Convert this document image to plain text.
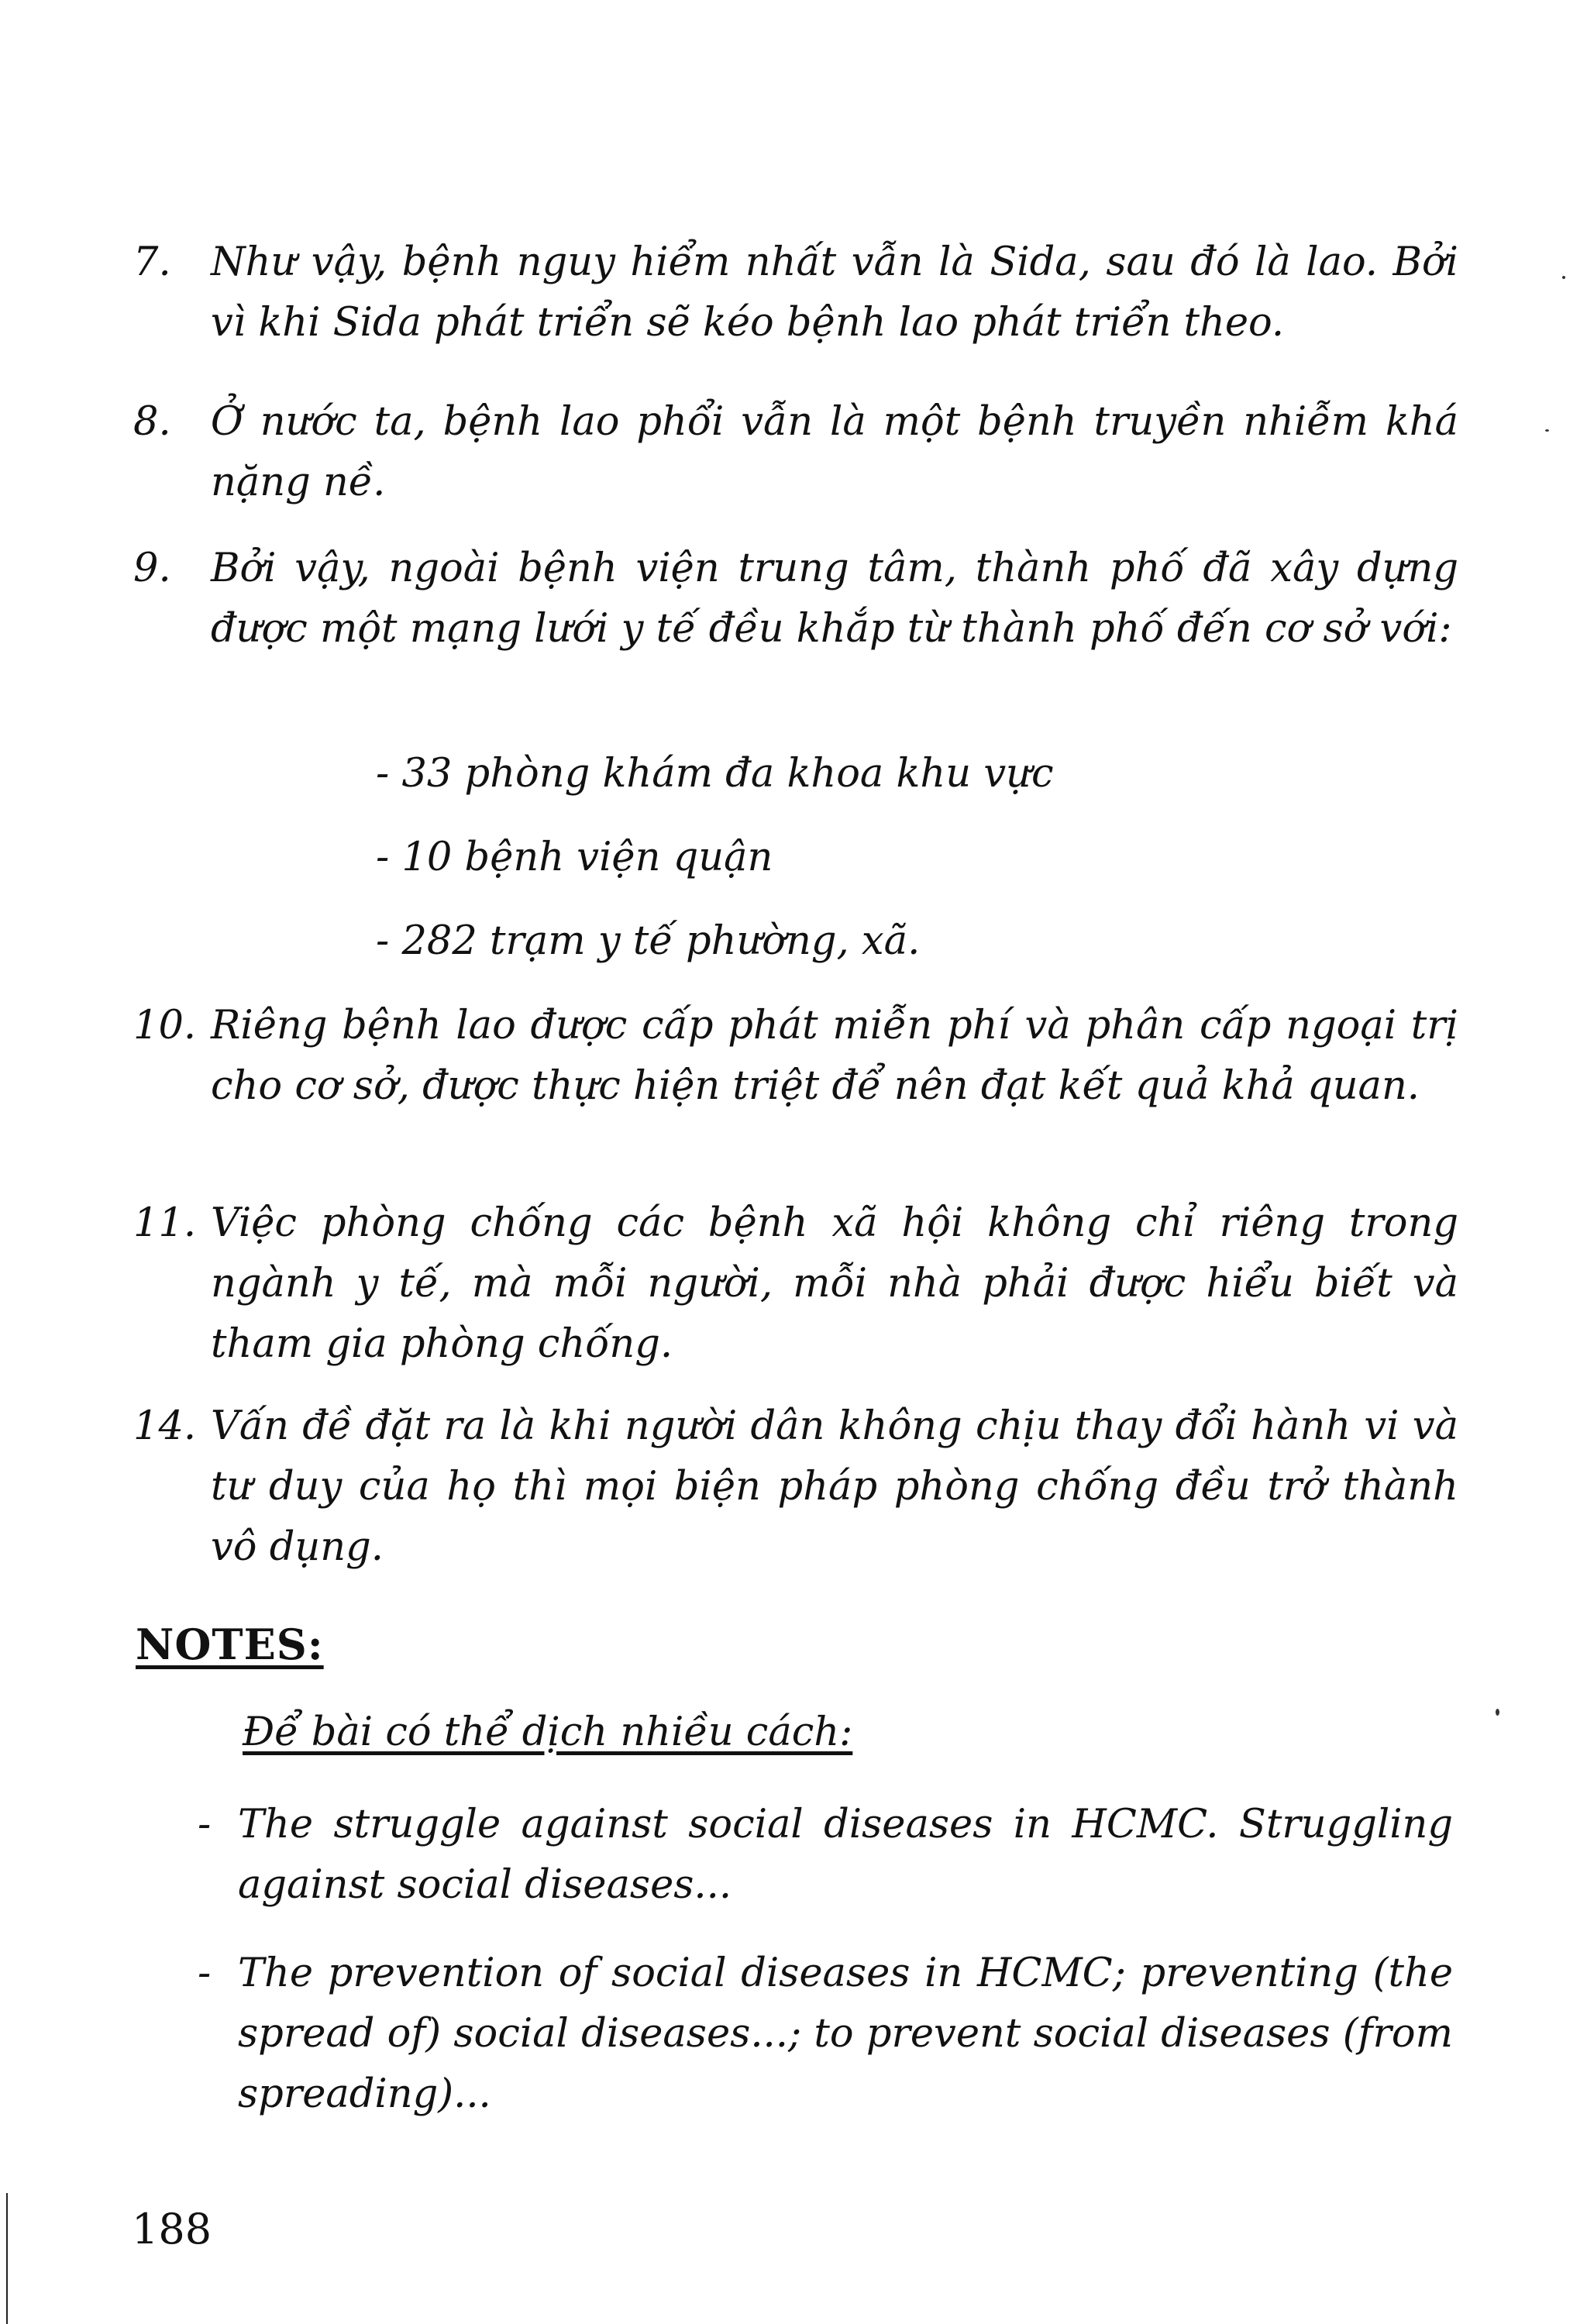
7. Như vậy, bệnh nguy hiểm nhất vẫn là Sida, sau đó là lao. Bởi vì khi Sida phát triển sẽ kéo bệnh lao phát triển theo.
8. Ở nước ta, bệnh lao phổi vẫn là một bệnh truyền nhiễm khá nặng nề.
9. Bởi vậy, ngoài bệnh viện trung tâm, thành phố đã xây dựng được một mạng lưới y tế đều khắp từ thành phố đến cơ sở với:
- 33 phòng khám đa khoa khu vực
- 10 bệnh viện quận
- 282 trạm y tế phường, xã.
10. Riêng bệnh lao được cấp phát miễn phí và phân cấp ngoại trị cho cơ sở, được thực hiện triệt để nên đạt kết quả khả quan.
11. Việc phòng chống các bệnh xã hội không chỉ riêng trong ngành y tế, mà mỗi người, mỗi nhà phải được hiểu biết và tham gia phòng chống.
14. Vấn đề đặt ra là khi người dân không chịu thay đổi hành vi và tư duy của họ thì mọi biện pháp phòng chống đều trở thành vô dụng.
NOTES:
Để bài có thể dịch nhiều cách:
- The struggle against social diseases in HCMC. Struggling against social diseases...
- The prevention of social diseases in HCMC; preventing (the spread of) social diseases...; to prevent social diseases (from spreading)...
188
